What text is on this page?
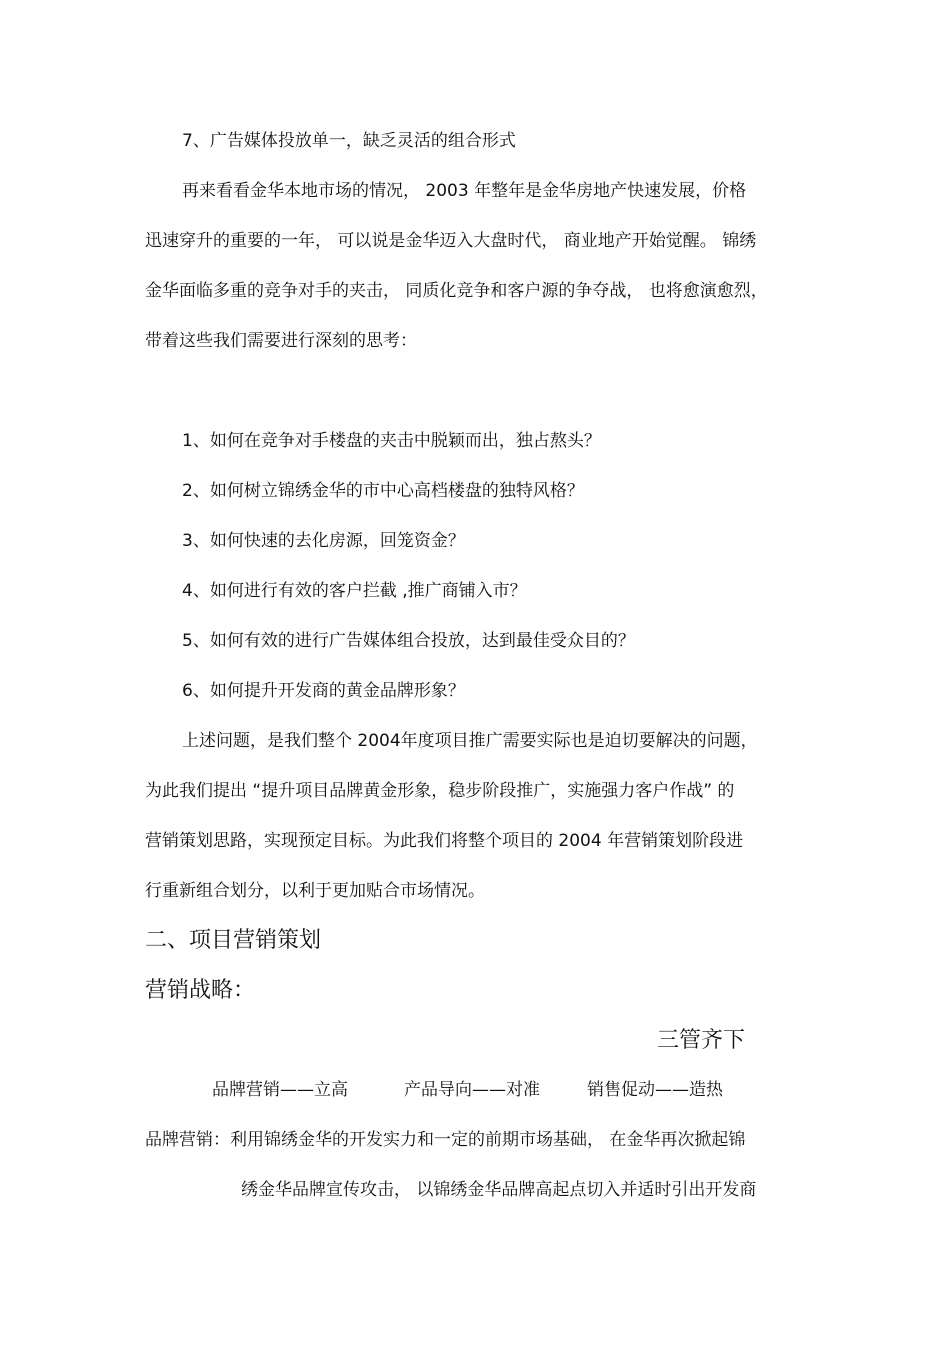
7、广告媒体投放单一，缺乏灵活的组合形式
再来看看金华本地市场的情况， 2003 年整年是金华房地产快速发展，价格
迅速穿升的重要的一年， 可以说是金华迈入大盘时代， 商业地产开始觉醒。 锦绣
金华面临多重的竞争对手的夹击， 同质化竞争和客户源的争夺战， 也将愈演愈烈，
带着这些我们需要进行深刻的思考：
1、如何在竞争对手楼盘的夹击中脱颖而出，独占熬头？
2、如何树立锦绣金华的市中心高档楼盘的独特风格？
3、如何快速的去化房源，回笼资金？
4、如何进行有效的客户拦截 ,推广商铺入市？
5、如何有效的进行广告媒体组合投放，达到最佳受众目的？
6、如何提升开发商的黄金品牌形象？
上述问题，是我们整个 2004年度项目推广需要实际也是迫切要解决的问题，
为此我们提出 “提升项目品牌黄金形象，稳步阶段推广，实施强力客户作战” 的
营销策划思路，实现预定目标。为此我们将整个项目的 2004 年营销策划阶段进
行重新组合划分，以利于更加贴合市场情况。
二、项目营销策划
营销战略：
三管齐下
品牌营销——立高	产品导向——对准	销售促动——造热
品牌营销：利用锦绣金华的开发实力和一定的前期市场基础， 在金华再次掀起锦
绣金华品牌宣传攻击， 以锦绣金华品牌高起点切入并适时引出开发商
